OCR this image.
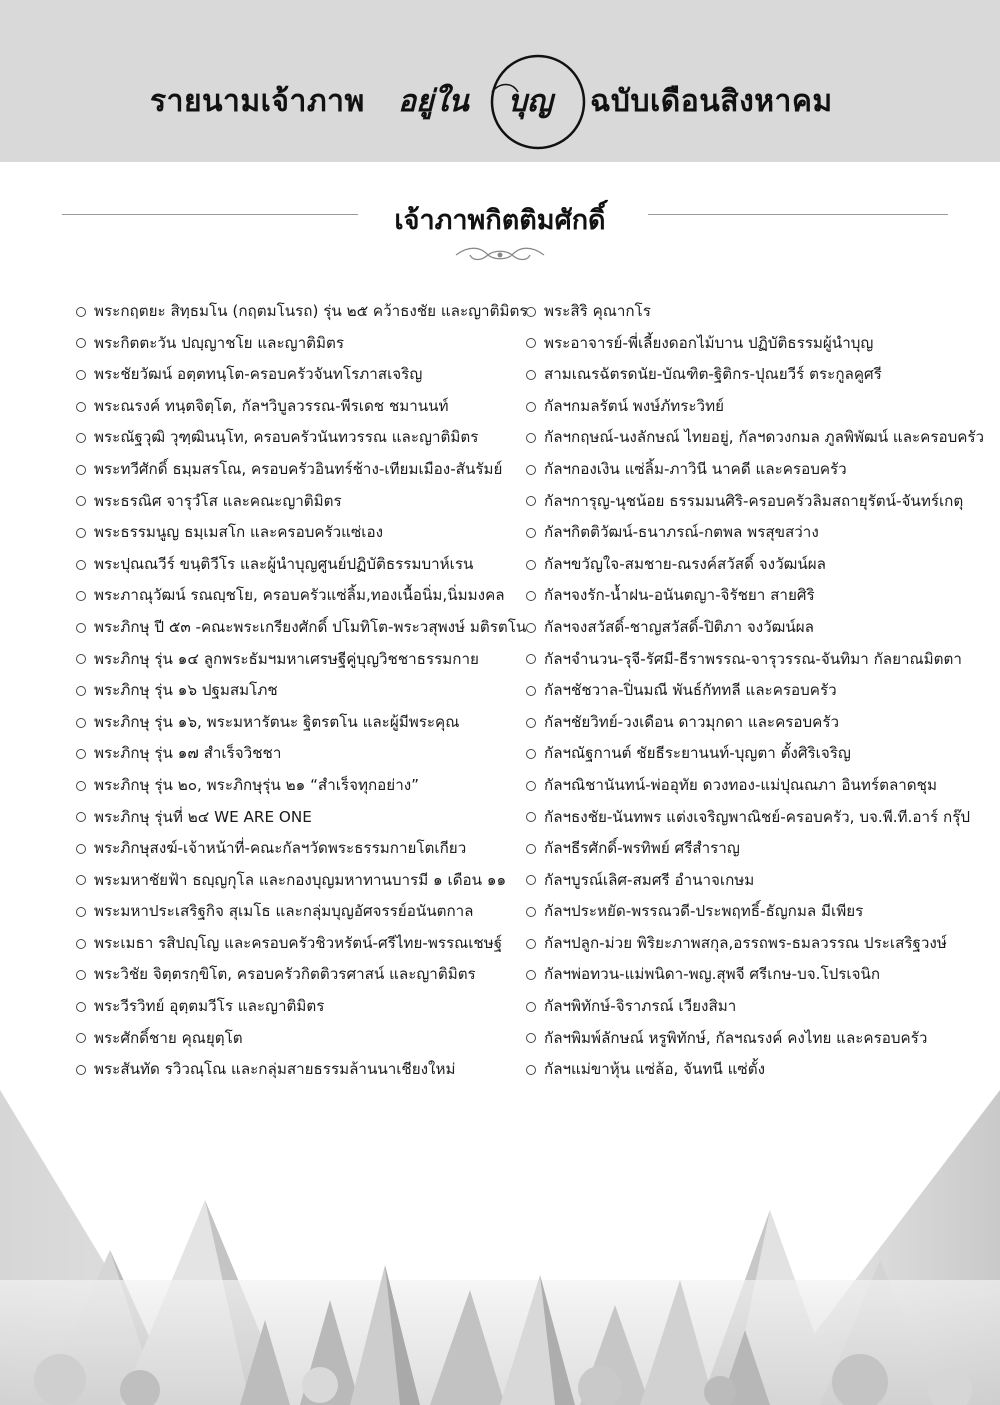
รายนามเจ้าภาพ อยู่ใน บุญ ฉบับเดือนสิงหาคม
เจ้าภาพกิตติมศักดิ์
พระกฤตยะ สิทฺธมโน (กฤตมโนรถ) รุ่น ๒๕ คว้าธงชัย และญาติมิตร
พระกิตตะวัน ปญฺญาชโย และญาติมิตร
พระชัยวัฒน์ อตฺตทนฺโต-ครอบครัวจันทโรภาสเจริญ
พระณรงค์ ทนฺตจิตฺโต, กัลฯวิบูลวรรณ-พีรเดช ชมานนท์
พระณัฐวุฒิ วุฑฺฒินนฺโท, ครอบครัวนันทวรรณ และญาติมิตร
พระทวีศักดิ์ ธมฺมสรโณ, ครอบครัวอินทร์ช้าง-เทียมเมือง-สันรัมย์
พระธรณิศ จารุวํโส และคณะญาติมิตร
พระธรรมนูญ ธมฺเมสโก และครอบครัวแซ่เอง
พระปุณณวีร์ ขนฺติวีโร และผู้นำบุญศูนย์ปฏิบัติธรรมบาห์เรน
พระภาณุวัฒน์ รณญฺชโย, ครอบครัวแซ่ลิ้ม,ทองเนื้อนิ่ม,นิ่มมงคล
พระภิกษุ ปี ๕๓ -คณะพระเกรียงศักดิ์ ปโมทิโต-พระวสุพงษ์ มติรตโน
พระภิกษุ รุ่น ๑๔ ลูกพระธัมฯมหาเศรษฐีคู่บุญวิชชาธรรมกาย
พระภิกษุ รุ่น ๑๖ ปฐมสมโภช
พระภิกษุ รุ่น ๑๖, พระมหารัตนะ ฐิตรตโน และผู้มีพระคุณ
พระภิกษุ รุ่น ๑๗ สำเร็จวิชชา
พระภิกษุ รุ่น ๒๐, พระภิกษุรุ่น ๒๑ “สำเร็จทุกอย่าง”
พระภิกษุ รุ่นที่ ๒๔ WE ARE ONE
พระภิกษุสงฆ์-เจ้าหน้าที่-คณะกัลฯวัดพระธรรมกายโตเกียว
พระมหาชัยฟ้า ธญฺญกุโล และกองบุญมหาทานบารมี ๑ เดือน ๑๑
พระมหาประเสริฐกิจ สุเมโธ และกลุ่มบุญอัศจรรย์อนันตกาล
พระเมธา รสิปญฺโญ และครอบครัวชิวหรัตน์-ศรีไทย-พรรณเชษฐ์
พระวิชัย จิตฺตรกฺขิโต, ครอบครัวกิตติวรศาสน์ และญาติมิตร
พระวีรวิทย์ อุตฺตมวีโร และญาติมิตร
พระศักดิ์ชาย คุณยุตฺโต
พระสันทัด รวิวณฺโณ และกลุ่มสายธรรมล้านนาเชียงใหม่
พระสิริ คุณากโร
พระอาจารย์-พี่เลี้ยงดอกไม้บาน ปฏิบัติธรรมผู้นำบุญ
สามเณรฉัตรดนัย-บัณฑิต-ฐิติกร-ปุณยวีร์ ตระกูลคูศรี
กัลฯกมลรัตน์ พงษ์ภัทระวิทย์
กัลฯกฤษณ์-นงลักษณ์ ไทยอยู่, กัลฯดวงกมล ภูลพิพัฒน์ และครอบครัว
กัลฯกองเงิน แซ่ลิ้ม-ภาวินี นาคดี และครอบครัว
กัลฯการุญ-นุชน้อย ธรรมมนศิริ-ครอบครัวลิมสถายุรัตน์-จันทร์เกตุ
กัลฯกิตติวัฒน์-ธนาภรณ์-กตพล พรสุขสว่าง
กัลฯขวัญใจ-สมชาย-ณรงค์สวัสดิ์ จงวัฒน์ผล
กัลฯจงรัก-น้ำฝน-อนันตญา-จิรัชยา สายศิริ
กัลฯจงสวัสดิ์-ชาญสวัสดิ์-ปิติภา จงวัฒน์ผล
กัลฯจำนวน-รุจี-รัศมี-ธีราพรรณ-จารุวรรณ-จันทิมา กัลยาณมิตตา
กัลฯชัชวาล-ปิ่นมณี พันธ์กัททลี และครอบครัว
กัลฯชัยวิทย์-วงเดือน ดาวมุกดา และครอบครัว
กัลฯณัฐกานต์ ชัยธีระยานนท์-บุญตา ตั้งศิริเจริญ
กัลฯณิชานันทน์-พ่ออุทัย ดวงทอง-แม่ปุณณภา อินทร์ตลาดชุม
กัลฯธงชัย-นันทพร แต่งเจริญพาณิชย์-ครอบครัว, บจ.พี.ที.อาร์ กรุ๊ป
กัลฯธีรศักดิ์-พรทิพย์ ศรีสำราญ
กัลฯบูรณ์เลิศ-สมศรี อำนาจเกษม
กัลฯประหยัด-พรรณวดี-ประพฤทธิ์-ธัญกมล มีเพียร
กัลฯปลูก-ม่วย พิริยะภาพสกุล,อรรถพร-ธมลวรรณ ประเสริฐวงษ์
กัลฯพ่อทวน-แม่พนิดา-พญ.สุพจี ศรีเกษ-บจ.โปรเจนิก
กัลฯพิทักษ์-จิราภรณ์ เวียงสิมา
กัลฯพิมพ์ลักษณ์ หรูพิทักษ์, กัลฯณรงค์ คงไทย และครอบครัว
กัลฯแม่ขาหุ้น แซ่ล้อ, จันทนี แซ่ตั้ง
